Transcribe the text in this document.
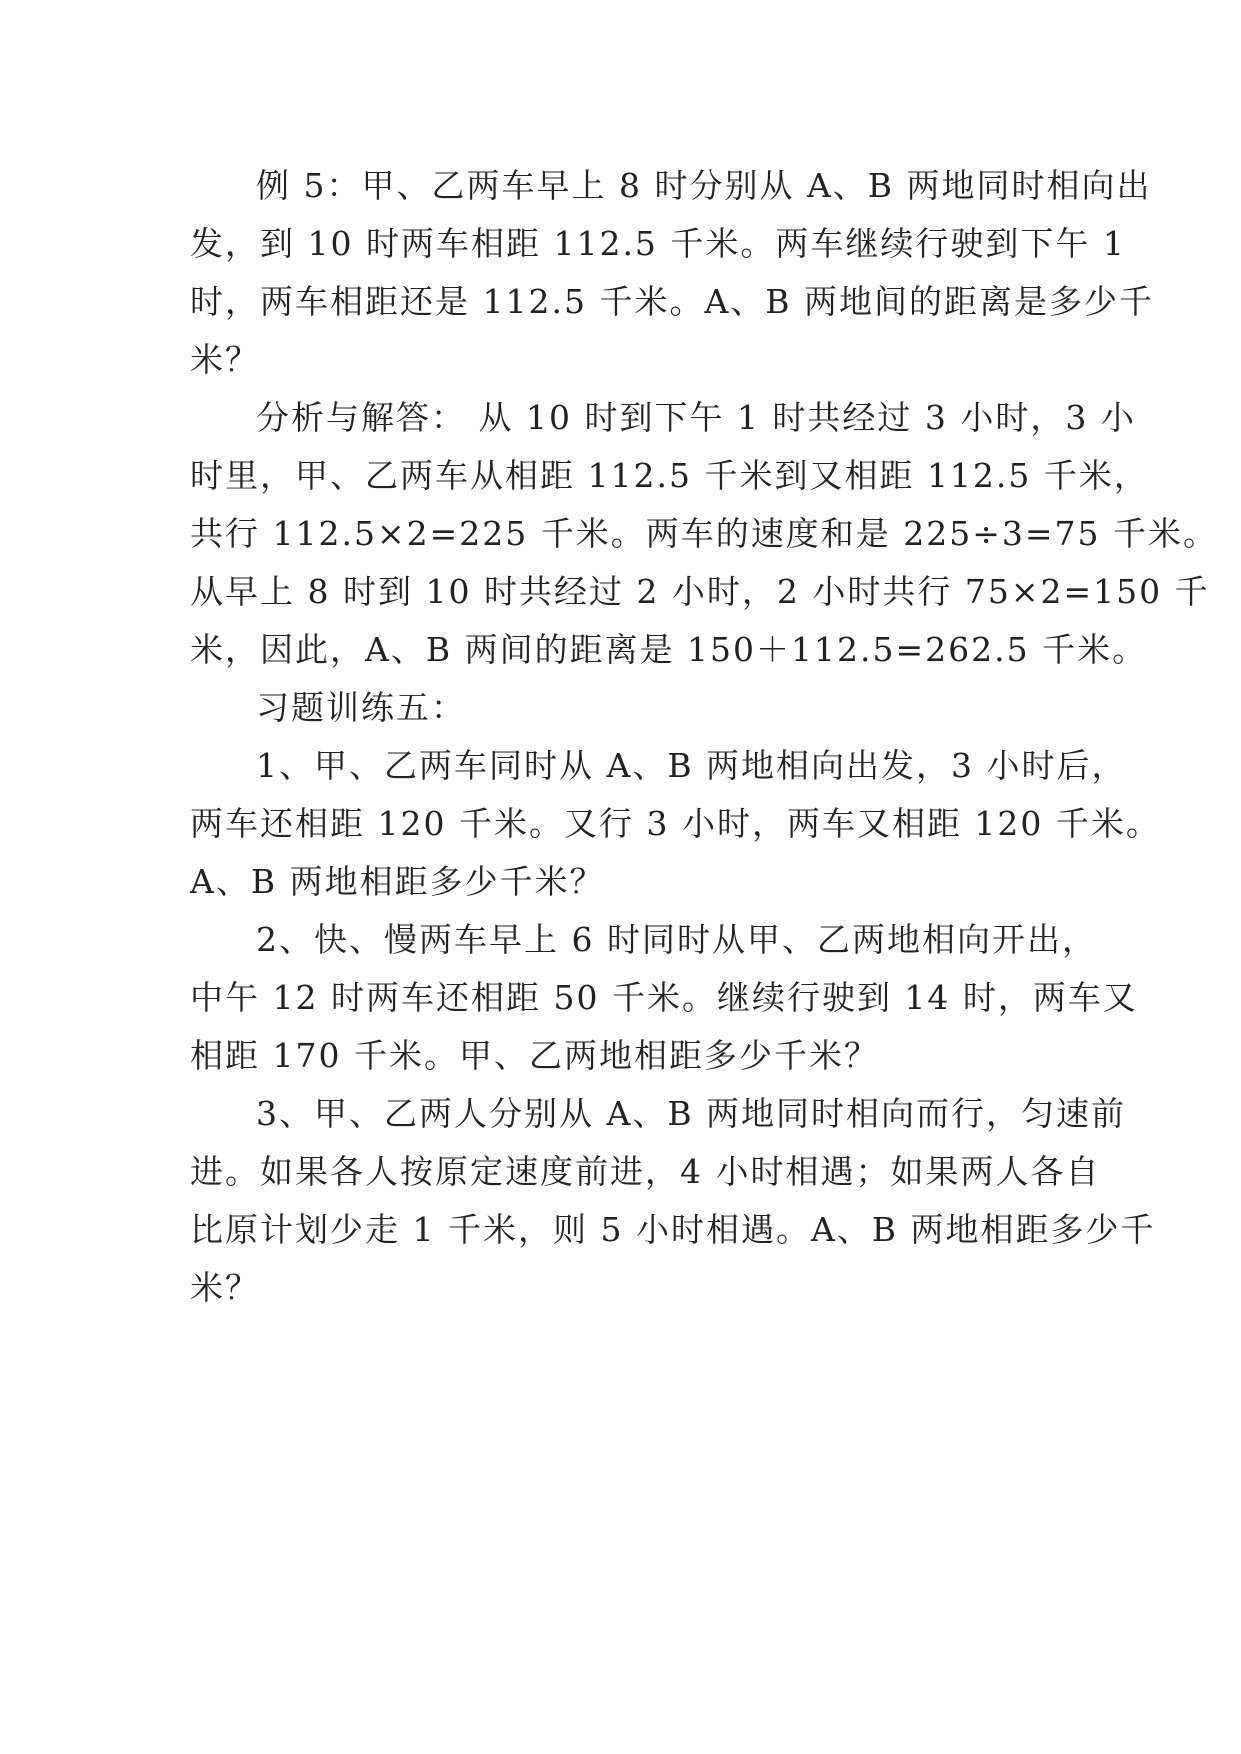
例 5：甲、乙两车早上 8 时分别从 A、B 两地同时相向出
发，到 10 时两车相距 112.5 千米。两车继续行驶到下午 1
时，两车相距还是 112.5 千米。A、B 两地间的距离是多少千
米？
分析与解答： 从 10 时到下午 1 时共经过 3 小时，3 小
时里，甲、乙两车从相距 112.5 千米到又相距 112.5 千米，
共行 112.5×2=225 千米。两车的速度和是 225÷3=75 千米。
从早上 8 时到 10 时共经过 2 小时，2 小时共行 75×2=150 千
米，因此，A、B 两间的距离是 150＋112.5=262.5 千米。
习题训练五：
1、甲、乙两车同时从 A、B 两地相向出发，3 小时后，
两车还相距 120 千米。又行 3 小时，两车又相距 120 千米。
A、B 两地相距多少千米？
2、快、慢两车早上 6 时同时从甲、乙两地相向开出，
中午 12 时两车还相距 50 千米。继续行驶到 14 时，两车又
相距 170 千米。甲、乙两地相距多少千米？
3、甲、乙两人分别从 A、B 两地同时相向而行，匀速前
进。如果各人按原定速度前进，4 小时相遇；如果两人各自
比原计划少走 1 千米，则 5 小时相遇。A、B 两地相距多少千
米？
